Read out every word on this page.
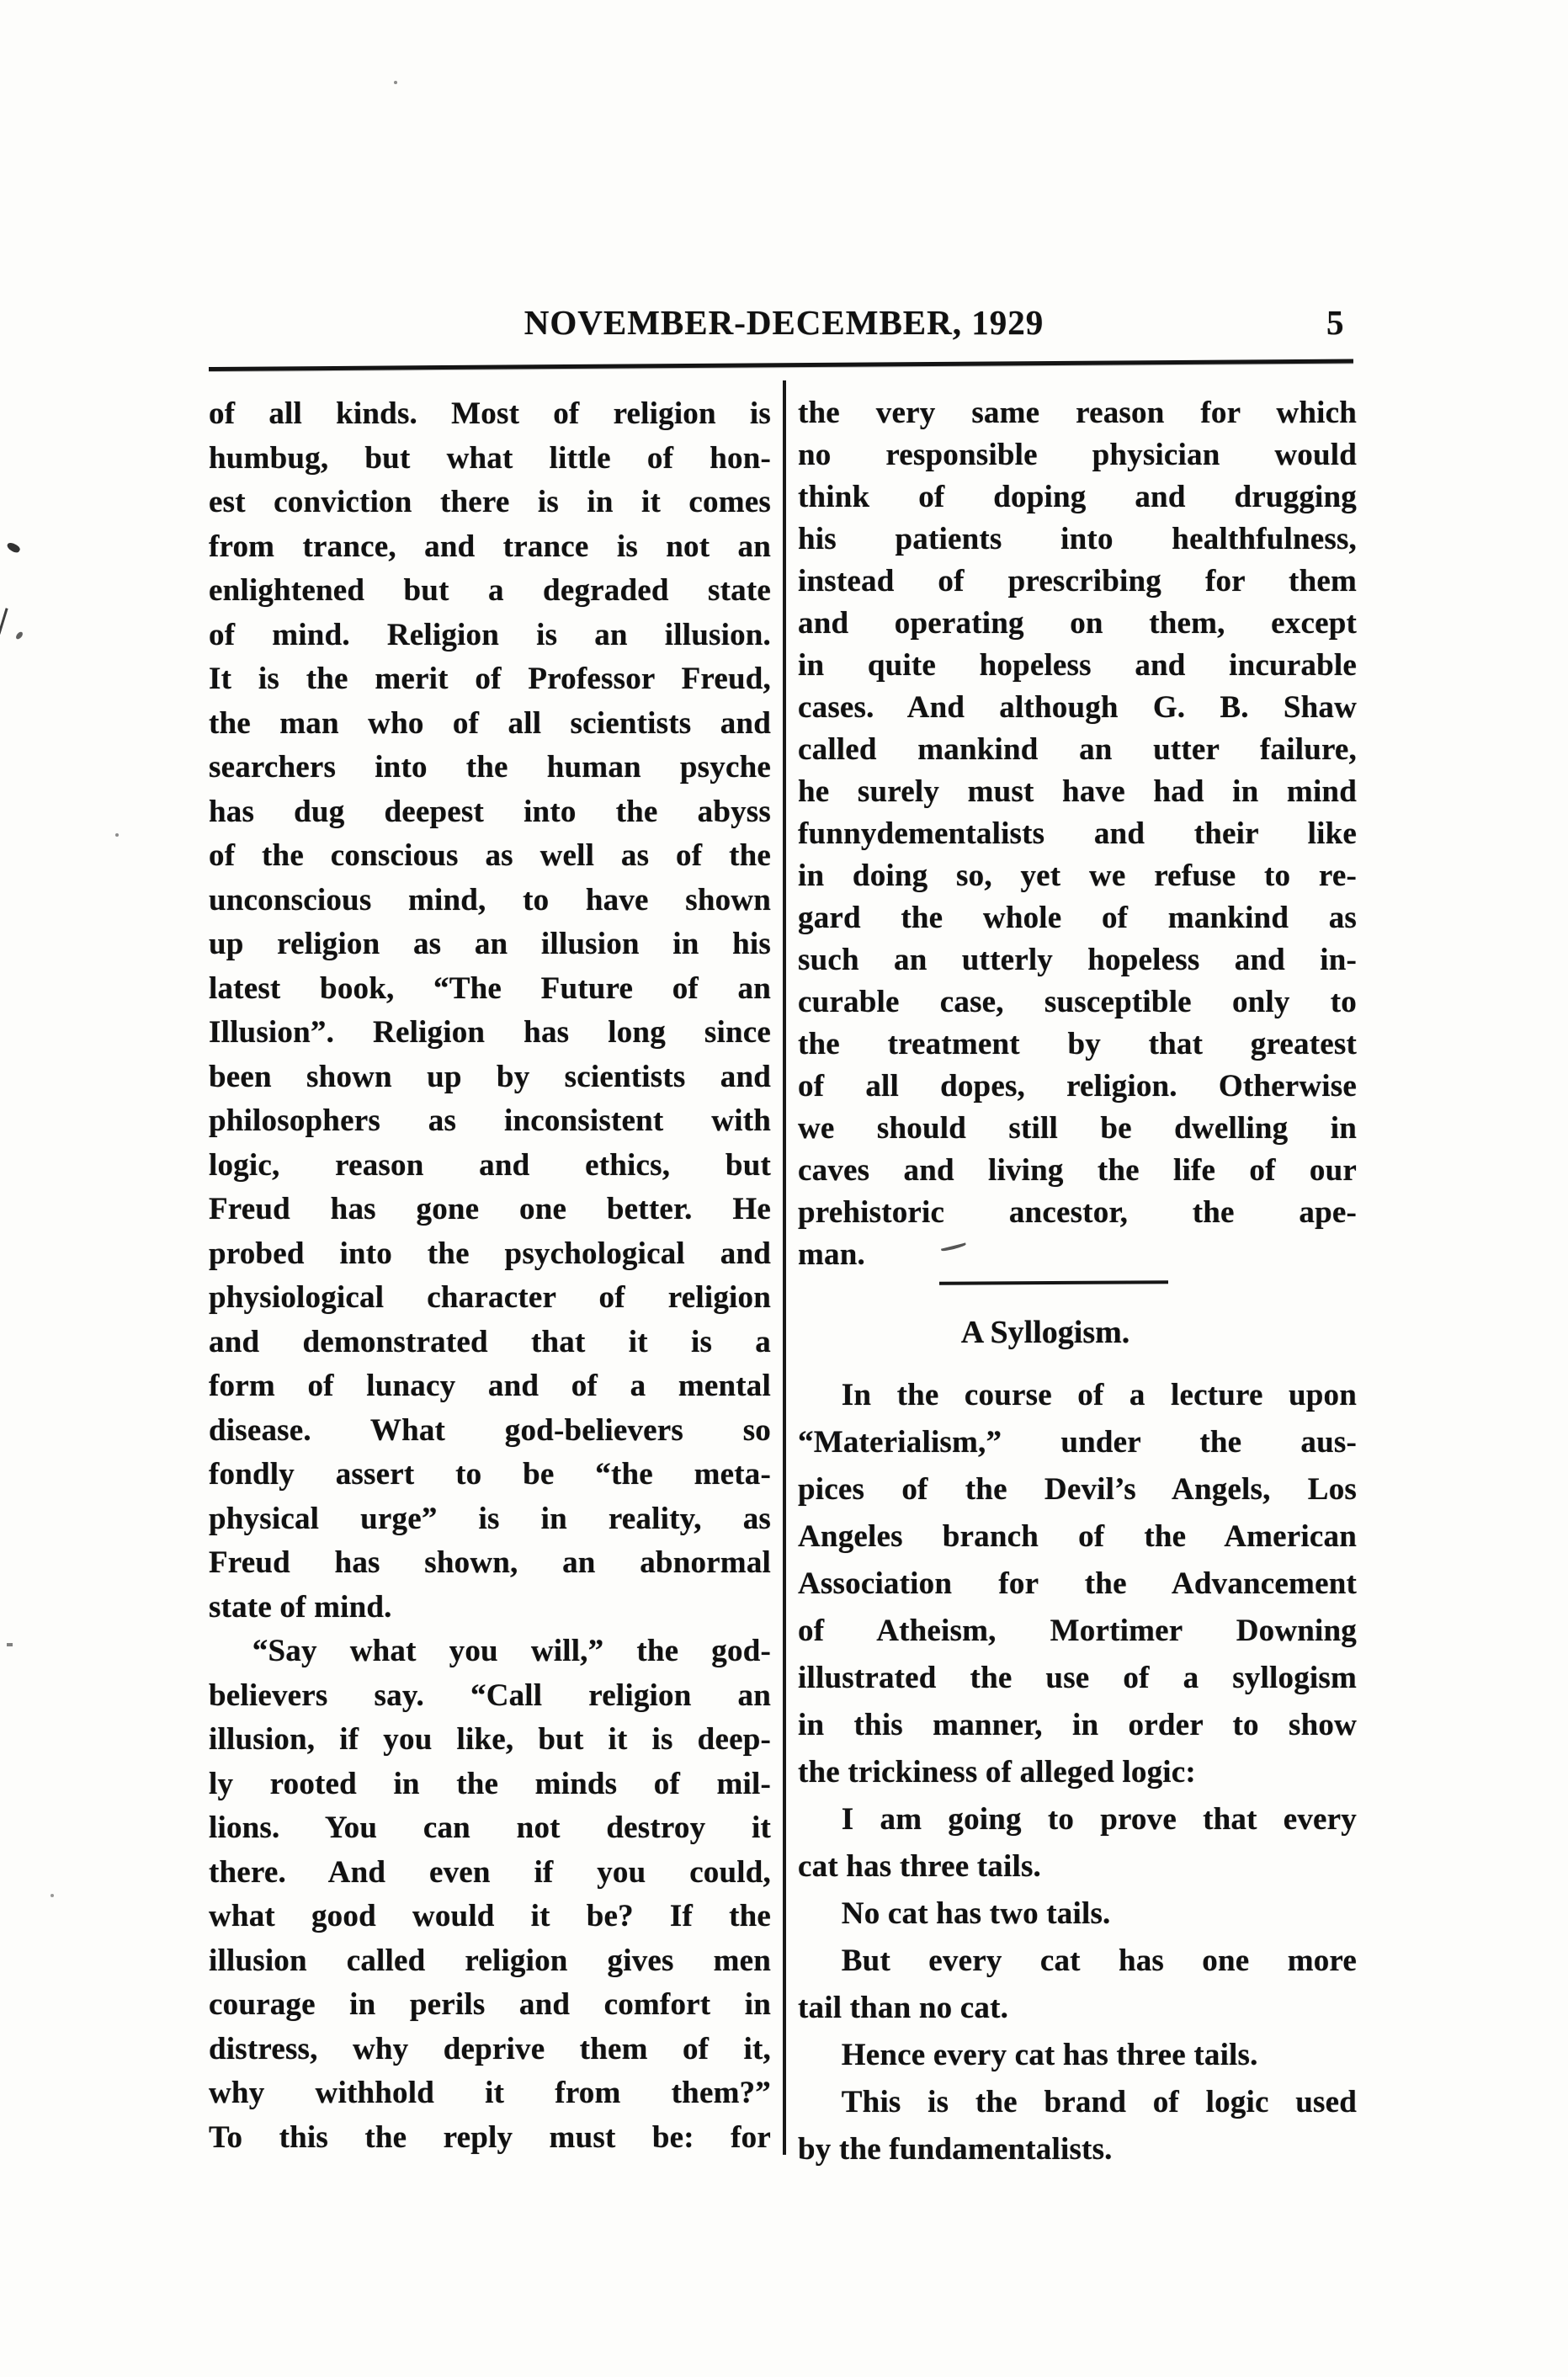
NOVEMBER-DECEMBER, 1929	5
of all kinds. Most of religion is
humbug, but what little of hon-
est conviction there is in it comes
from trance, and trance is not an
enlightened but a degraded state
of mind. Religion is an illusion.
It is the merit of Professor Freud,
the man who of all scientists and
searchers into the human psyche
has dug deepest into the abyss
of the conscious as well as of the
unconscious mind, to have shown
up religion as an illusion in his
latest book, “The Future of an
Illusion”. Religion has long since
been shown up by scientists and
philosophers as inconsistent with
logic, reason and ethics, but
Freud has gone one better. He
probed into the psychological and
physiological character of religion
and demonstrated that it is a
form of lunacy and of a mental
disease. What god-believers so
fondly assert to be “the meta-
physical urge” is in reality, as
Freud has shown, an abnormal
state of mind.
“Say what you will,” the god-
believers say. “Call religion an
illusion, if you like, but it is deep-
ly rooted in the minds of mil-
lions. You can not destroy it
there. And even if you could,
what good would it be? If the
illusion called religion gives men
courage in perils and comfort in
distress, why deprive them of it,
why withhold it from them?”
To this the reply must be: for
the very same reason for which
no responsible physician would
think of doping and drugging
his patients into healthfulness,
instead of prescribing for them
and operating on them, except
in quite hopeless and incurable
cases. And although G. B. Shaw
called mankind an utter failure,
he surely must have had in mind
funnydementalists and their like
in doing so, yet we refuse to re-
gard the whole of mankind as
such an utterly hopeless and in-
curable case, susceptible only to
the treatment by that greatest
of all dopes, religion. Otherwise
we should still be dwelling in
caves and living the life of our
prehistoric ancestor, the ape-
man.
A Syllogism.
In the course of a lecture upon
“Materialism,” under the aus-
pices of the Devil’s Angels, Los
Angeles branch of the American
Association for the Advancement
of Atheism, Mortimer Downing
illustrated the use of a syllogism
in this manner, in order to show
the trickiness of alleged logic:
I am going to prove that every
cat has three tails.
No cat has two tails.
But every cat has one more
tail than no cat.
Hence every cat has three tails.
This is the brand of logic used
by the fundamentalists.
